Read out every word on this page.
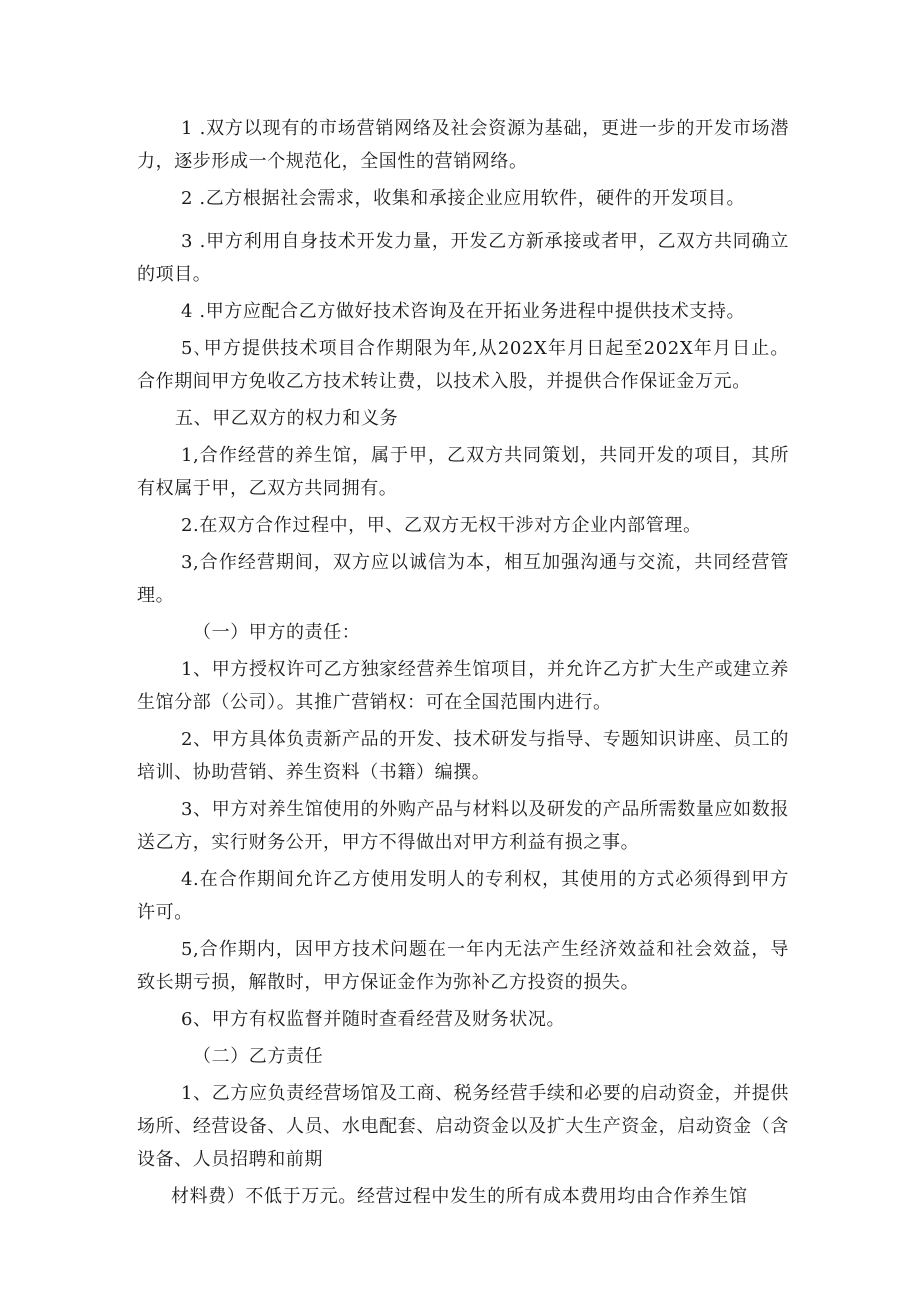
1 .双方以现有的市场营销网络及社会资源为基础，更进一步的开发市场潜力，逐步形成一个规范化，全国性的营销网络。

2 .乙方根据社会需求，收集和承接企业应用软件，硬件的开发项目。

3 .甲方利用自身技术开发力量，开发乙方新承接或者甲，乙双方共同确立的项目。

4 .甲方应配合乙方做好技术咨询及在开拓业务进程中提供技术支持。

5､甲方提供技术项目合作期限为年,从202X年月日起至202X年月日止。合作期间甲方免收乙方技术转让费，以技术入股，并提供合作保证金万元。

五、甲乙双方的权力和义务

1,合作经营的养生馆，属于甲，乙双方共同策划，共同开发的项目，其所有权属于甲，乙双方共同拥有。

2.在双方合作过程中，甲、乙双方无权干涉对方企业内部管理。

3,合作经营期间，双方应以诚信为本，相互加强沟通与交流，共同经营管理。

（一）甲方的责任：

1、甲方授权许可乙方独家经营养生馆项目，并允许乙方扩大生产或建立养生馆分部（公司）。其推广营销权：可在全国范围内进行。

2、甲方具体负责新产品的开发、技术研发与指导、专题知识讲座、员工的培训、协助营销、养生资料（书籍）编撰。

3、甲方对养生馆使用的外购产品与材料以及研发的产品所需数量应如数报送乙方，实行财务公开，甲方不得做出对甲方利益有损之事。

4.在合作期间允许乙方使用发明人的专利权，其使用的方式必须得到甲方许可。

5,合作期内，因甲方技术问题在一年内无法产生经济效益和社会效益，导致长期亏损，解散时，甲方保证金作为弥补乙方投资的损失。

6、甲方有权监督并随时查看经营及财务状况。

（二）乙方责任

1、乙方应负责经营场馆及工商、税务经营手续和必要的启动资金，并提供场所、经营设备、人员、水电配套、启动资金以及扩大生产资金，启动资金（含设备、人员招聘和前期

材料费）不低于万元。经营过程中发生的所有成本费用均由合作养生馆
